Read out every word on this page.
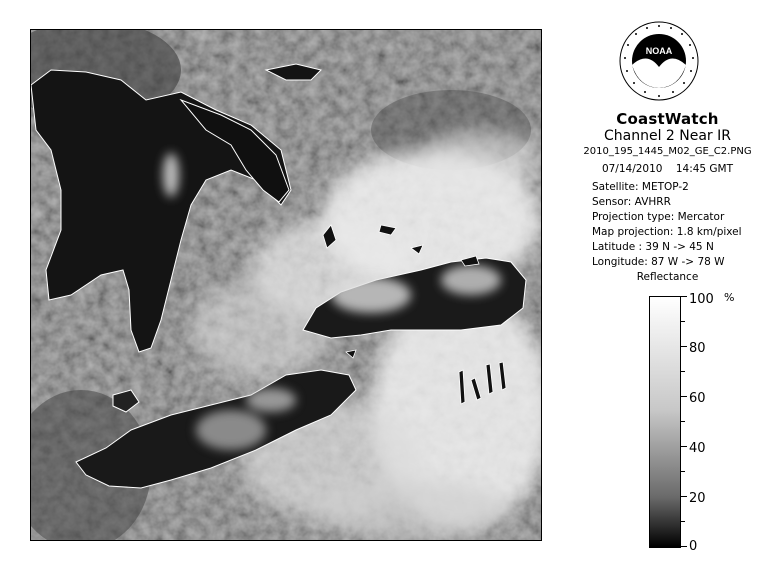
NOAA
CoastWatch
Channel 2 Near IR
2010_195_1445_M02_GE_C2.PNG
07/14/2010 14:45 GMT
Satellite: METOP-2
Sensor: AVHRR
Projection type: Mercator
Map projection: 1.8 km/pixel
Latitude : 39 N -> 45 N
Longitude: 87 W -> 78 W
Reflectance
%
100
80
60
40
20
0
